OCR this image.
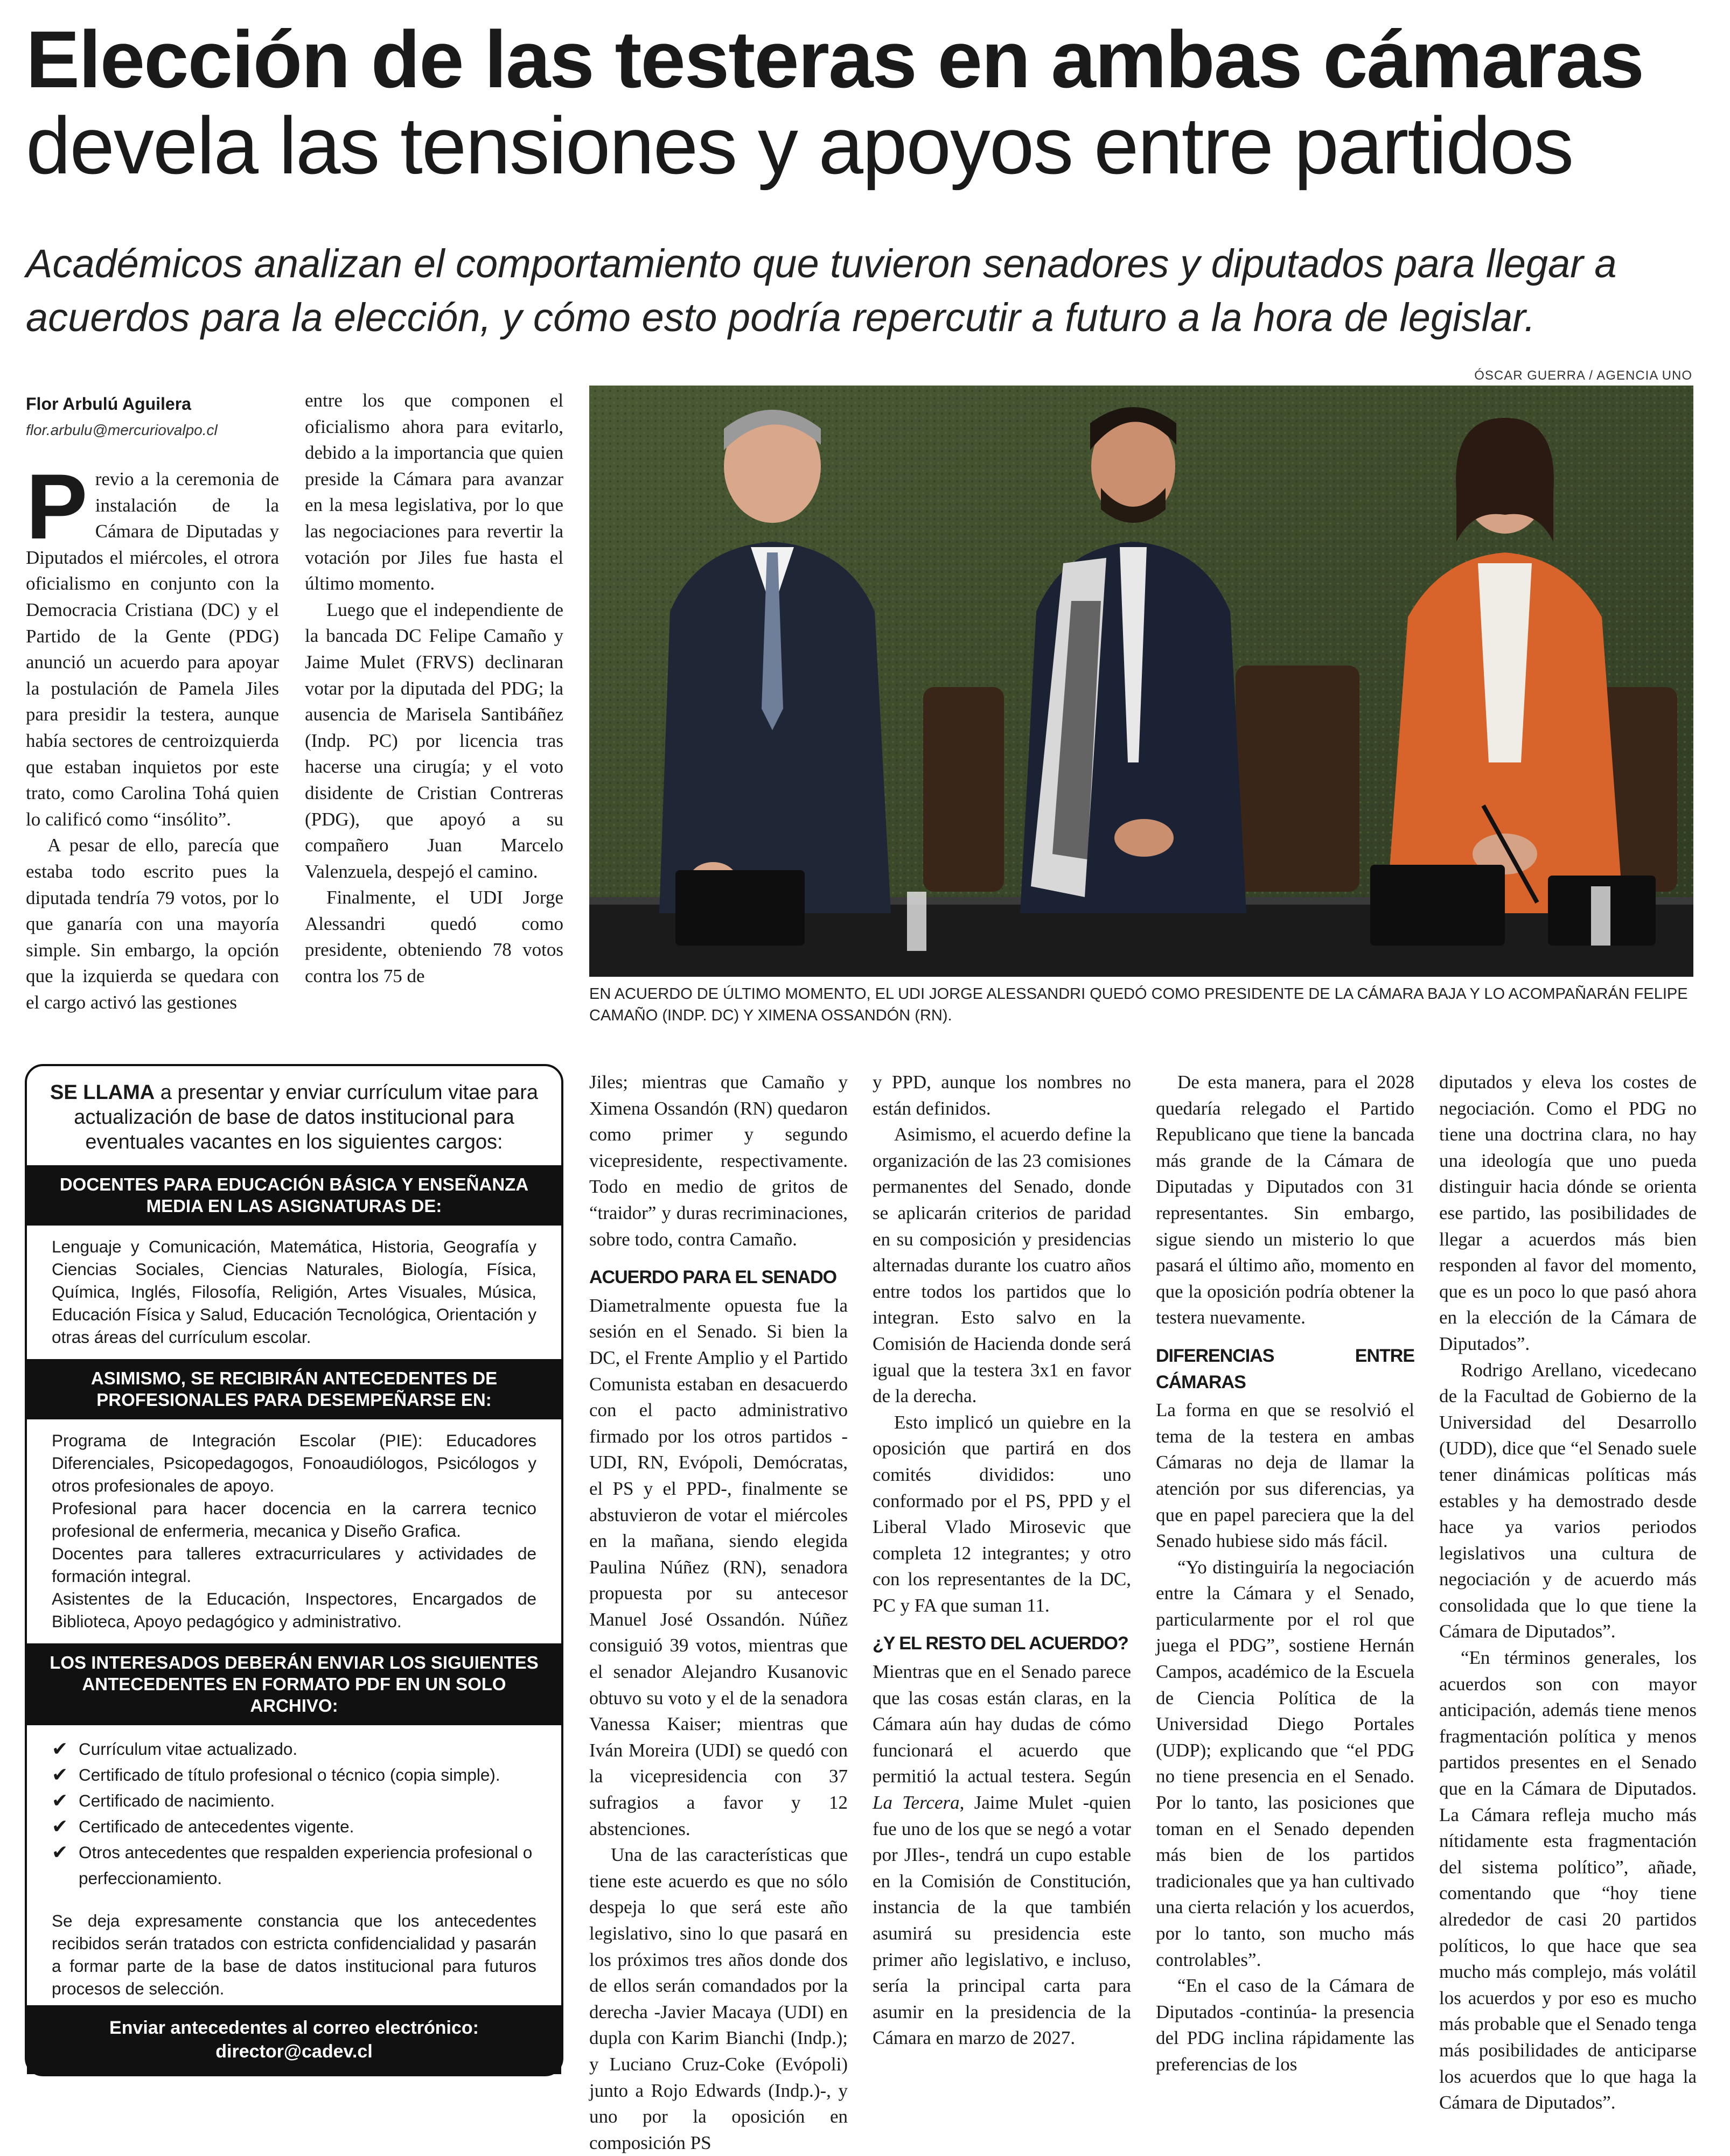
Elección de las testeras en ambas cámaras
devela las tensiones y apoyos entre partidos

Académicos analizan el comportamiento que tuvieron senadores y diputados para llegar a acuerdos para la elección, y cómo esto podría repercutir a futuro a la hora de legislar.

ÓSCAR GUERRA / AGENCIA UNO
Flor Arbulú Aguilera
flor.arbulu@mercuriovalpo.cl
P revio a la ceremonia de instalación de la Cámara de Diputadas y Diputados el miércoles, el otrora oficialismo en conjunto con la Democracia Cristiana (DC) y el Partido de la Gente (PDG) anunció un acuerdo para apoyar la postulación de Pamela Jiles para presidir la testera, aunque había sectores de centroizquierda que estaban inquietos por este trato, como Carolina Tohá quien lo calificó como “insólito”.

A pesar de ello, parecía que estaba todo escrito pues la diputada tendría 79 votos, por lo que ganaría con una mayoría simple. Sin embargo, la opción que la izquierda se quedara con el cargo activó las gestiones

entre los que componen el oficialismo ahora para evitarlo, debido a la importancia que quien preside la Cámara para avanzar en la mesa legislativa, por lo que las negociaciones para revertir la votación por Jiles fue hasta el último momento.

Luego que el independiente de la bancada DC Felipe Camaño y Jaime Mulet (FRVS) declinaran votar por la diputada del PDG; la ausencia de Marisela Santibáñez (Indp. PC) por licencia tras hacerse una cirugía; y el voto disidente de Cristian Contreras (PDG), que apoyó a su compañero Juan Marcelo Valenzuela, despejó el camino.

Finalmente, el UDI Jorge Alessandri quedó como presidente, obteniendo 78 votos contra los 75 de

EN ACUERDO DE ÚLTIMO MOMENTO, EL UDI JORGE ALESSANDRI QUEDÓ COMO PRESIDENTE DE LA CÁMARA BAJA Y LO ACOMPAÑARÁN FELIPE CAMAÑO (INDP. DC) Y XIMENA OSSANDÓN (RN).

Jiles; mientras que Camaño y Ximena Ossandón (RN) quedaron como primer y segundo vicepresidente, respectivamente. Todo en medio de gritos de “traidor” y duras recriminaciones, sobre todo, contra Camaño.

ACUERDO PARA EL SENADO

Diametralmente opuesta fue la sesión en el Senado. Si bien la DC, el Frente Amplio y el Partido Comunista estaban en desacuerdo con el pacto administrativo firmado por los otros partidos -UDI, RN, Evópoli, Demócratas, el PS y el PPD-, finalmente se abstuvieron de votar el miércoles en la mañana, siendo elegida Paulina Núñez (RN), senadora propuesta por su antecesor Manuel José Ossandón. Núñez consiguió 39 votos, mientras que el senador Alejandro Kusanovic obtuvo su voto y el de la senadora Vanessa Kaiser; mientras que Iván Moreira (UDI) se quedó con la vicepresidencia con 37 sufragios a favor y 12 abstenciones.

Una de las características que tiene este acuerdo es que no sólo despeja lo que será este año legislativo, sino lo que pasará en los próximos tres años donde dos de ellos serán comandados por la derecha -Javier Macaya (UDI) en dupla con Karim Bianchi (Indp.); y Luciano Cruz-Coke (Evópoli) junto a Rojo Edwards (Indp.)-, y uno por la oposición en composición PS

y PPD, aunque los nombres no están definidos.

Asimismo, el acuerdo define la organización de las 23 comisiones permanentes del Senado, donde se aplicarán criterios de paridad en su composición y presidencias alternadas durante los cuatro años entre todos los partidos que lo integran. Esto salvo en la Comisión de Hacienda donde será igual que la testera 3x1 en favor de la derecha.

Esto implicó un quiebre en la oposición que partirá en dos comités divididos: uno conformado por el PS, PPD y el Liberal Vlado Mirosevic que completa 12 integrantes; y otro con los representantes de la DC, PC y FA que suman 11.

¿Y EL RESTO DEL ACUERDO?

Mientras que en el Senado parece que las cosas están claras, en la Cámara aún hay dudas de cómo funcionará el acuerdo que permitió la actual testera. Según La Tercera, Jaime Mulet -quien fue uno de los que se negó a votar por JIles-, tendrá un cupo estable en la Comisión de Constitución, instancia de la que también asumirá su presidencia este primer año legislativo, e incluso, sería la principal carta para asumir en la presidencia de la Cámara en marzo de 2027.

De esta manera, para el 2028 quedaría relegado el Partido Republicano que tiene la bancada más grande de la Cámara de Diputadas y Diputados con 31 representantes. Sin embargo, sigue siendo un misterio lo que pasará el último año, momento en que la oposición podría obtener la testera nuevamente.

DIFERENCIAS ENTRE CÁMARAS

La forma en que se resolvió el tema de la testera en ambas Cámaras no deja de llamar la atención por sus diferencias, ya que en papel pareciera que la del Senado hubiese sido más fácil.

“Yo distinguiría la negociación entre la Cámara y el Senado, particularmente por el rol que juega el PDG”, sostiene Hernán Campos, académico de la Escuela de Ciencia Política de la Universidad Diego Portales (UDP); explicando que “el PDG no tiene presencia en el Senado. Por lo tanto, las posiciones que toman en el Senado dependen más bien de los partidos tradicionales que ya han cultivado una cierta relación y los acuerdos, por lo tanto, son mucho más controlables”.

“En el caso de la Cámara de Diputados -continúa- la presencia del PDG inclina rápidamente las preferencias de los

diputados y eleva los costes de negociación. Como el PDG no tiene una doctrina clara, no hay una ideología que uno pueda distinguir hacia dónde se orienta ese partido, las posibilidades de llegar a acuerdos más bien responden al favor del momento, que es un poco lo que pasó ahora en la elección de la Cámara de Diputados”.

Rodrigo Arellano, vicedecano de la Facultad de Gobierno de la Universidad del Desarrollo (UDD), dice que “el Senado suele tener dinámicas políticas más estables y ha demostrado desde hace ya varios periodos legislativos una cultura de negociación y de acuerdo más consolidada que lo que tiene la Cámara de Diputados”.

“En términos generales, los acuerdos son con mayor anticipación, además tiene menos fragmentación política y menos partidos presentes en el Senado que en la Cámara de Diputados. La Cámara refleja mucho más nítidamente esta fragmentación del sistema político”, añade, comentando que “hoy tiene alrededor de casi 20 partidos políticos, lo que hace que sea mucho más complejo, más volátil los acuerdos y por eso es mucho más probable que el Senado tenga más posibilidades de anticiparse los acuerdos que lo que haga la Cámara de Diputados”.

SE LLAMA a presentar y enviar currículum vitae para actualización de base de datos institucional para eventuales vacantes en los siguientes cargos:
DOCENTES PARA EDUCACIÓN BÁSICA Y ENSEÑANZA MEDIA EN LAS ASIGNATURAS DE:
Lenguaje y Comunicación, Matemática, Historia, Geografía y Ciencias Sociales, Ciencias Naturales, Biología, Física, Química, Inglés, Filosofía, Religión, Artes Visuales, Música, Educación Física y Salud, Educación Tecnológica, Orientación y otras áreas del currículum escolar.
ASIMISMO, SE RECIBIRÁN ANTECEDENTES DE PROFESIONALES PARA DESEMPEÑARSE EN:

Programa de Integración Escolar (PIE): Educadores Diferenciales, Psicopedagogos, Fonoaudiólogos, Psicólogos y otros profesionales de apoyo.

Profesional para hacer docencia en la carrera tecnico profesional de enfermeria, mecanica y Diseño Grafica.

Docentes para talleres extracurriculares y actividades de formación integral.

Asistentes de la Educación, Inspectores, Encargados de Biblioteca, Apoyo pedagógico y administrativo.

LOS INTERESADOS DEBERÁN ENVIAR LOS SIGUIENTES ANTECEDENTES EN FORMATO PDF EN UN SOLO ARCHIVO:
✔ Currículum vitae actualizado.
✔ Certificado de título profesional o técnico (copia simple).
✔ Certificado de nacimiento.
✔ Certificado de antecedentes vigente.
✔ Otros antecedentes que respalden experiencia profesional o perfeccionamiento.
Se deja expresamente constancia que los antecedentes recibidos serán tratados con estricta confidencialidad y pasarán a formar parte de la base de datos institucional para futuros procesos de selección.
Enviar antecedentes al correo electrónico:
director@cadev.cl
